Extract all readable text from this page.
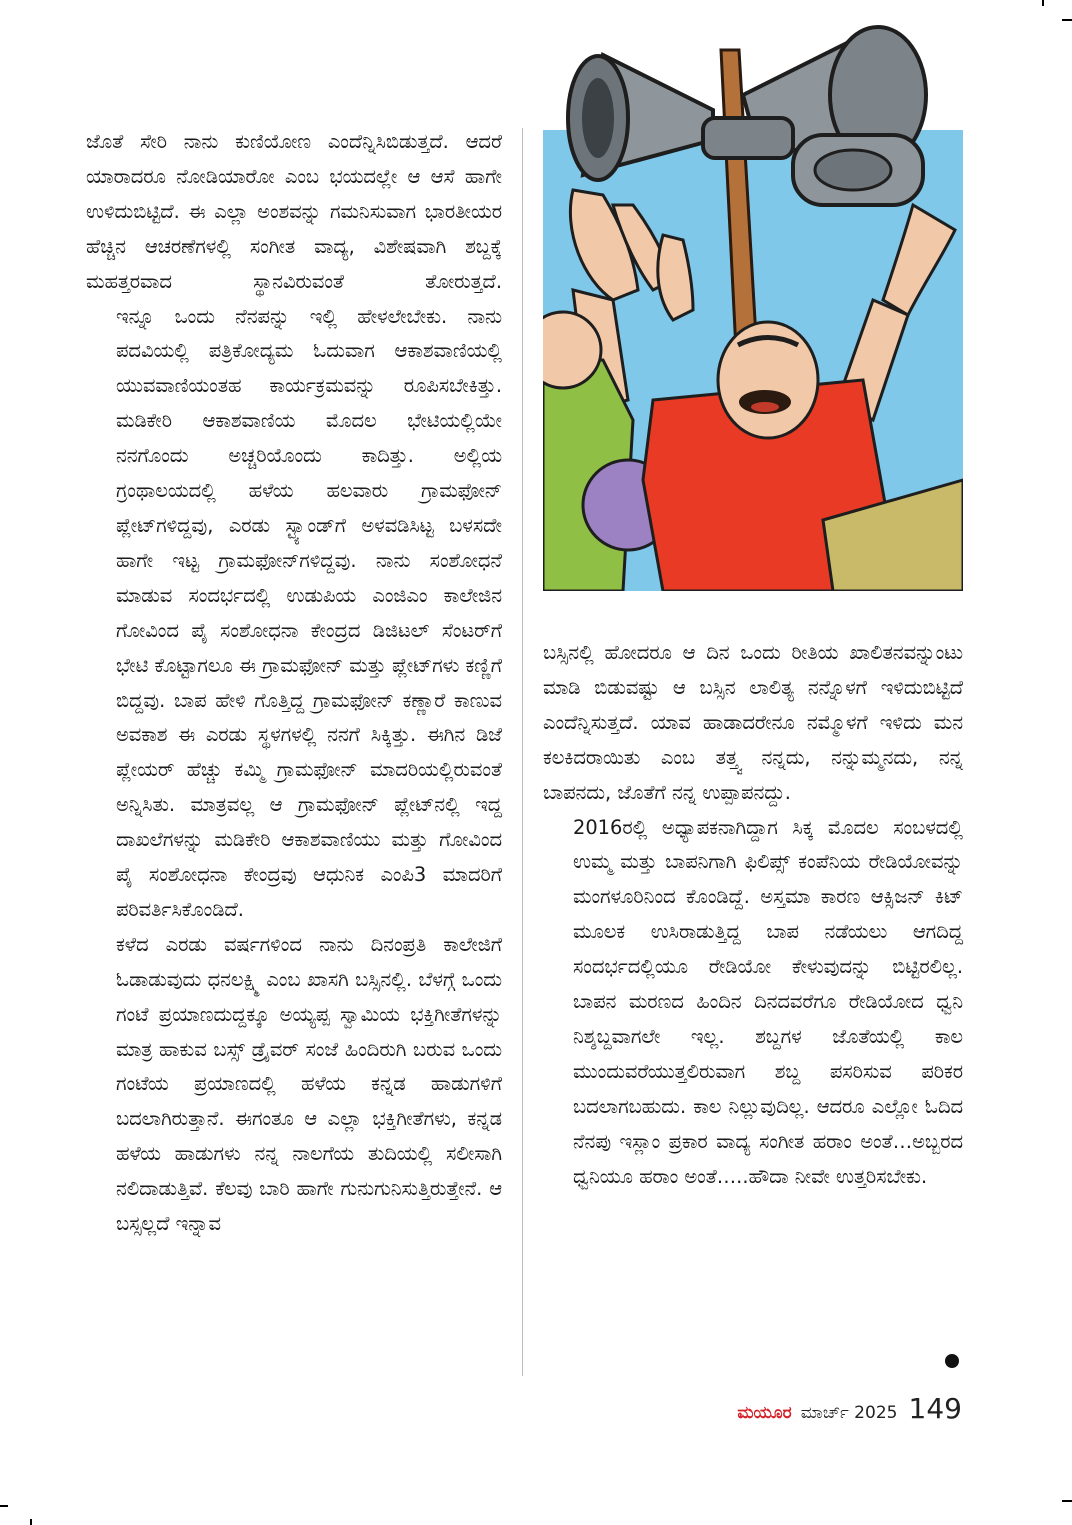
ಜೊತೆ ಸೇರಿ ನಾನು ಕುಣಿಯೋಣ ಎಂದೆನ್ನಿಸಿಬಿಡುತ್ತದೆ. ಆದರೆ ಯಾರಾದರೂ ನೋಡಿಯಾರೋ ಎಂಬ ಭಯದಲ್ಲೇ ಆ ಆಸೆ ಹಾಗೇ ಉಳಿದುಬಿಟ್ಟಿದೆ. ಈ ಎಲ್ಲಾ ಅಂಶವನ್ನು ಗಮನಿಸುವಾಗ ಭಾರತೀಯರ ಹೆಚ್ಚಿನ ಆಚರಣೆಗಳಲ್ಲಿ ಸಂಗೀತ ವಾದ್ಯ, ವಿಶೇಷವಾಗಿ ಶಬ್ದಕ್ಕೆ ಮಹತ್ತರವಾದ ಸ್ಥಾನವಿರುವಂತೆ ತೋರುತ್ತದೆ.

ಇನ್ನೂ ಒಂದು ನೆನಪನ್ನು ಇಲ್ಲಿ ಹೇಳಲೇಬೇಕು. ನಾನು ಪದವಿಯಲ್ಲಿ ಪತ್ರಿಕೋದ್ಯಮ ಓದುವಾಗ ಆಕಾಶವಾಣಿಯಲ್ಲಿ ಯುವವಾಣಿಯಂತಹ ಕಾರ್ಯಕ್ರಮವನ್ನು ರೂಪಿಸಬೇಕಿತ್ತು. ಮಡಿಕೇರಿ ಆಕಾಶವಾಣಿಯ ಮೊದಲ ಭೇಟಿಯಲ್ಲಿಯೇ ನನಗೊಂದು ಅಚ್ಚರಿಯೊಂದು ಕಾದಿತ್ತು. ಅಲ್ಲಿಯ ಗ್ರಂಥಾಲಯದಲ್ಲಿ ಹಳೆಯ ಹಲವಾರು ಗ್ರಾಮಫೋನ್ ಪ್ಲೇಟ್‌ಗಳಿದ್ದವು, ಎರಡು ಸ್ಟ್ಯಾಂಡ್‌ಗೆ ಅಳವಡಿಸಿಟ್ಟ ಬಳಸದೇ ಹಾಗೇ ಇಟ್ಟ ಗ್ರಾಮಫೋನ್‌ಗಳಿದ್ದವು. ನಾನು ಸಂಶೋಧನೆ ಮಾಡುವ ಸಂದರ್ಭದಲ್ಲಿ ಉಡುಪಿಯ ಎಂಜಿಎಂ ಕಾಲೇಜಿನ ಗೋವಿಂದ ಪೈ ಸಂಶೋಧನಾ ಕೇಂದ್ರದ ಡಿಜಿಟಲ್ ಸೆಂಟರ್‌ಗೆ ಭೇಟಿ ಕೊಟ್ಟಾಗಲೂ ಈ ಗ್ರಾಮಫೋನ್ ಮತ್ತು ಪ್ಲೇಟ್‌ಗಳು ಕಣ್ಣಿಗೆ ಬಿದ್ದವು. ಬಾಪ ಹೇಳಿ ಗೊತ್ತಿದ್ದ ಗ್ರಾಮಫೋನ್ ಕಣ್ಣಾರೆ ಕಾಣುವ ಅವಕಾಶ ಈ ಎರಡು ಸ್ಥಳಗಳಲ್ಲಿ ನನಗೆ ಸಿಕ್ಕಿತ್ತು. ಈಗಿನ ಡಿಜೆ ಪ್ಲೇಯರ್ ಹೆಚ್ಚು ಕಮ್ಮಿ ಗ್ರಾಮಫೋನ್ ಮಾದರಿಯಲ್ಲಿರುವಂತೆ ಅನ್ನಿಸಿತು. ಮಾತ್ರವಲ್ಲ ಆ ಗ್ರಾಮಫೋನ್ ಪ್ಲೇಟ್‌ನಲ್ಲಿ ಇದ್ದ ದಾಖಲೆಗಳನ್ನು ಮಡಿಕೇರಿ ಆಕಾಶವಾಣಿಯು ಮತ್ತು ಗೋವಿಂದ ಪೈ ಸಂಶೋಧನಾ ಕೇಂದ್ರವು ಆಧುನಿಕ ಎಂಪಿ3 ಮಾದರಿಗೆ ಪರಿವರ್ತಿಸಿಕೊಂಡಿದೆ.

ಕಳೆದ ಎರಡು ವರ್ಷಗಳಿಂದ ನಾನು ದಿನಂಪ್ರತಿ ಕಾಲೇಜಿಗೆ ಓಡಾಡುವುದು ಧನಲಕ್ಷ್ಮಿ ಎಂಬ ಖಾಸಗಿ ಬಸ್ಸಿನಲ್ಲಿ. ಬೆಳಗ್ಗೆ ಒಂದು ಗಂಟೆ ಪ್ರಯಾಣದುದ್ದಕ್ಕೂ ಅಯ್ಯಪ್ಪ ಸ್ವಾಮಿಯ ಭಕ್ತಿಗೀತೆಗಳನ್ನು ಮಾತ್ರ ಹಾಕುವ ಬಸ್ಸ್ ಡ್ರೈವರ್ ಸಂಜೆ ಹಿಂದಿರುಗಿ ಬರುವ ಒಂದು ಗಂಟೆಯ ಪ್ರಯಾಣದಲ್ಲಿ ಹಳೆಯ ಕನ್ನಡ ಹಾಡುಗಳಿಗೆ ಬದಲಾಗಿರುತ್ತಾನೆ. ಈಗಂತೂ ಆ ಎಲ್ಲಾ ಭಕ್ತಿಗೀತೆಗಳು, ಕನ್ನಡ ಹಳೆಯ ಹಾಡುಗಳು ನನ್ನ ನಾಲಗೆಯ ತುದಿಯಲ್ಲಿ ಸಲೀಸಾಗಿ ನಲಿದಾಡುತ್ತಿವೆ. ಕೆಲವು ಬಾರಿ ಹಾಗೇ ಗುನುಗುನಿಸುತ್ತಿರುತ್ತೇನೆ. ಆ ಬಸ್ಸಲ್ಲದೆ ಇನ್ನಾವ

ಬಸ್ಸಿನಲ್ಲಿ ಹೋದರೂ ಆ ದಿನ ಒಂದು ರೀತಿಯ ಖಾಲಿತನವನ್ನುಂಟು ಮಾಡಿ ಬಿಡುವಷ್ಟು ಆ ಬಸ್ಸಿನ ಲಾಲಿತ್ಯ ನನ್ನೊಳಗೆ ಇಳಿದುಬಿಟ್ಟಿದೆ ಎಂದೆನ್ನಿಸುತ್ತದೆ. ಯಾವ ಹಾಡಾದರೇನೂ ನಮ್ಮೊಳಗೆ ಇಳಿದು ಮನ ಕಲಕಿದರಾಯಿತು ಎಂಬ ತತ್ತ್ವ ನನ್ನದು, ನನ್ನುಮ್ಮನದು, ನನ್ನ ಬಾಪನದು, ಜೊತೆಗೆ ನನ್ನ ಉಪ್ಪಾಪನದ್ದು.

2016ರಲ್ಲಿ ಅಧ್ಯಾಪಕನಾಗಿದ್ದಾಗ ಸಿಕ್ಕ ಮೊದಲ ಸಂಬಳದಲ್ಲಿ ಉಮ್ಮ ಮತ್ತು ಬಾಪನಿಗಾಗಿ ಫಿಲಿಪ್ಸ್ ಕಂಪೆನಿಯ ರೇಡಿಯೋವನ್ನು ಮಂಗಳೂರಿನಿಂದ ಕೊಂಡಿದ್ದೆ. ಅಸ್ತಮಾ ಕಾರಣ ಆಕ್ಸಿಜನ್ ಕಿಟ್ ಮೂಲಕ ಉಸಿರಾಡುತ್ತಿದ್ದ ಬಾಪ ನಡೆಯಲು ಆಗದಿದ್ದ ಸಂದರ್ಭದಲ್ಲಿಯೂ ರೇಡಿಯೋ ಕೇಳುವುದನ್ನು ಬಿಟ್ಟಿರಲಿಲ್ಲ. ಬಾಪನ ಮರಣದ ಹಿಂದಿನ ದಿನದವರೆಗೂ ರೇಡಿಯೋದ ಧ್ವನಿ ನಿಶ್ಶಬ್ದವಾಗಲೇ ಇಲ್ಲ. ಶಬ್ದಗಳ ಜೊತೆಯಲ್ಲಿ ಕಾಲ ಮುಂದುವರೆಯುತ್ತಲಿರುವಾಗ ಶಬ್ದ ಪಸರಿಸುವ ಪರಿಕರ ಬದಲಾಗಬಹುದು. ಕಾಲ ನಿಲ್ಲುವುದಿಲ್ಲ. ಆದರೂ ಎಲ್ಲೋ ಓದಿದ ನೆನಪು ಇಸ್ಲಾಂ ಪ್ರಕಾರ ವಾದ್ಯ ಸಂಗೀತ ಹರಾಂ ಅಂತೆ…ಅಬ್ಬರದ ಧ್ವನಿಯೂ ಹರಾಂ ಅಂತೆ…..ಹೌದಾ ನೀವೇ ಉತ್ತರಿಸಬೇಕು.

ಮಯೂರ ಮಾರ್ಚ್ 2025 149
